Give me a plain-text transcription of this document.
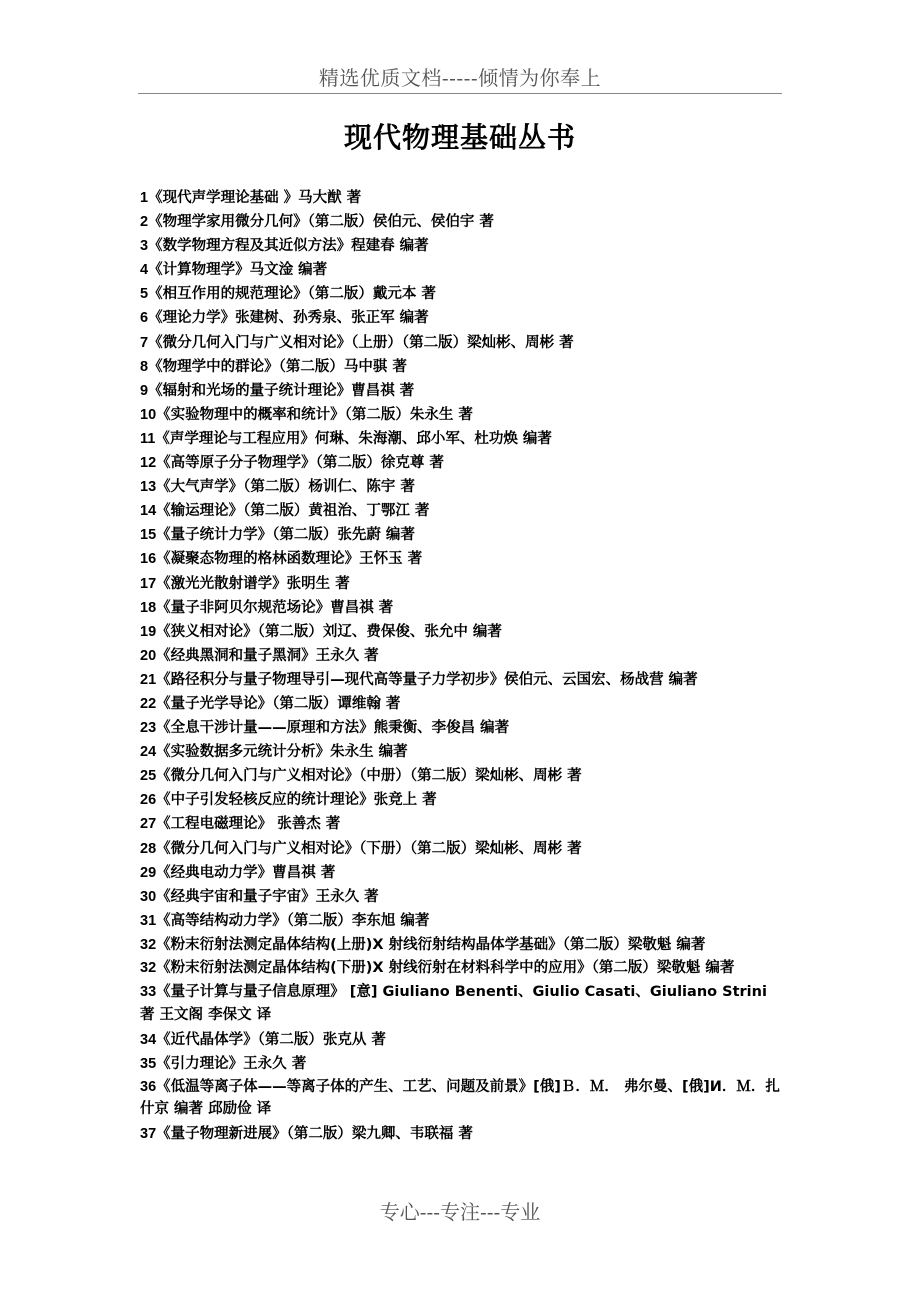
精选优质文档-----倾情为你奉上
现代物理基础丛书
1《现代声学理论基础 》马大猷 著
2《物理学家用微分几何》（第二版）侯伯元、侯伯宇 著
3《数学物理方程及其近似方法》程建春 编著
4《计算物理学》马文淦 编著
5《相互作用的规范理论》（第二版）戴元本 著
6《理论力学》张建树、孙秀泉、张正军 编著
7《微分几何入门与广义相对论》（上册）（第二版）梁灿彬、周彬 著
8《物理学中的群论》（第二版）马中骐 著
9《辐射和光场的量子统计理论》曹昌祺 著
10《实验物理中的概率和统计》（第二版）朱永生 著
11《声学理论与工程应用》何琳、朱海潮、邱小军、杜功焕 编著
12《高等原子分子物理学》（第二版）徐克尊 著
13《大气声学》（第二版）杨训仁、陈宇 著
14《输运理论》（第二版）黄祖治、丁鄂江 著
15《量子统计力学》（第二版）张先蔚 编著
16《凝聚态物理的格林函数理论》王怀玉 著
17《激光光散射谱学》张明生 著
18《量子非阿贝尔规范场论》曹昌祺 著
19《狭义相对论》（第二版）刘辽、费保俊、张允中 编著
20《经典黑洞和量子黑洞》王永久 著
21《路径积分与量子物理导引—现代高等量子力学初步》侯伯元、云国宏、杨战营 编著
22《量子光学导论》（第二版）谭维翰 著
23《全息干涉计量——原理和方法》熊秉衡、李俊昌 编著
24《实验数据多元统计分析》朱永生 编著
25《微分几何入门与广义相对论》（中册）（第二版）梁灿彬、周彬 著
26《中子引发轻核反应的统计理论》张竞上 著
27《工程电磁理论》 张善杰 著
28《微分几何入门与广义相对论》（下册）（第二版）梁灿彬、周彬 著
29《经典电动力学》曹昌祺 著
30《经典宇宙和量子宇宙》王永久 著
31《高等结构动力学》（第二版）李东旭 编著
32《粉末衍射法测定晶体结构(上册)X 射线衍射结构晶体学基础》（第二版）梁敬魁 编著
32《粉末衍射法测定晶体结构(下册)X 射线衍射在材料科学中的应用》（第二版）梁敬魁 编著
33《量子计算与量子信息原理》 [意] Giuliano Benenti、Giulio Casati、Giuliano Strini 著 王文阁 李保文 译
34《近代晶体学》（第二版）张克从 著
35《引力理论》王永久 著
36《低温等离子体——等离子体的产生、工艺、问题及前景》[俄]Ｂ．Ｍ． 弗尔曼、[俄]И．Ｍ．扎什京 编著 邱励俭 译
37《量子物理新进展》（第二版）梁九卿、韦联福 著
专心---专注---专业
